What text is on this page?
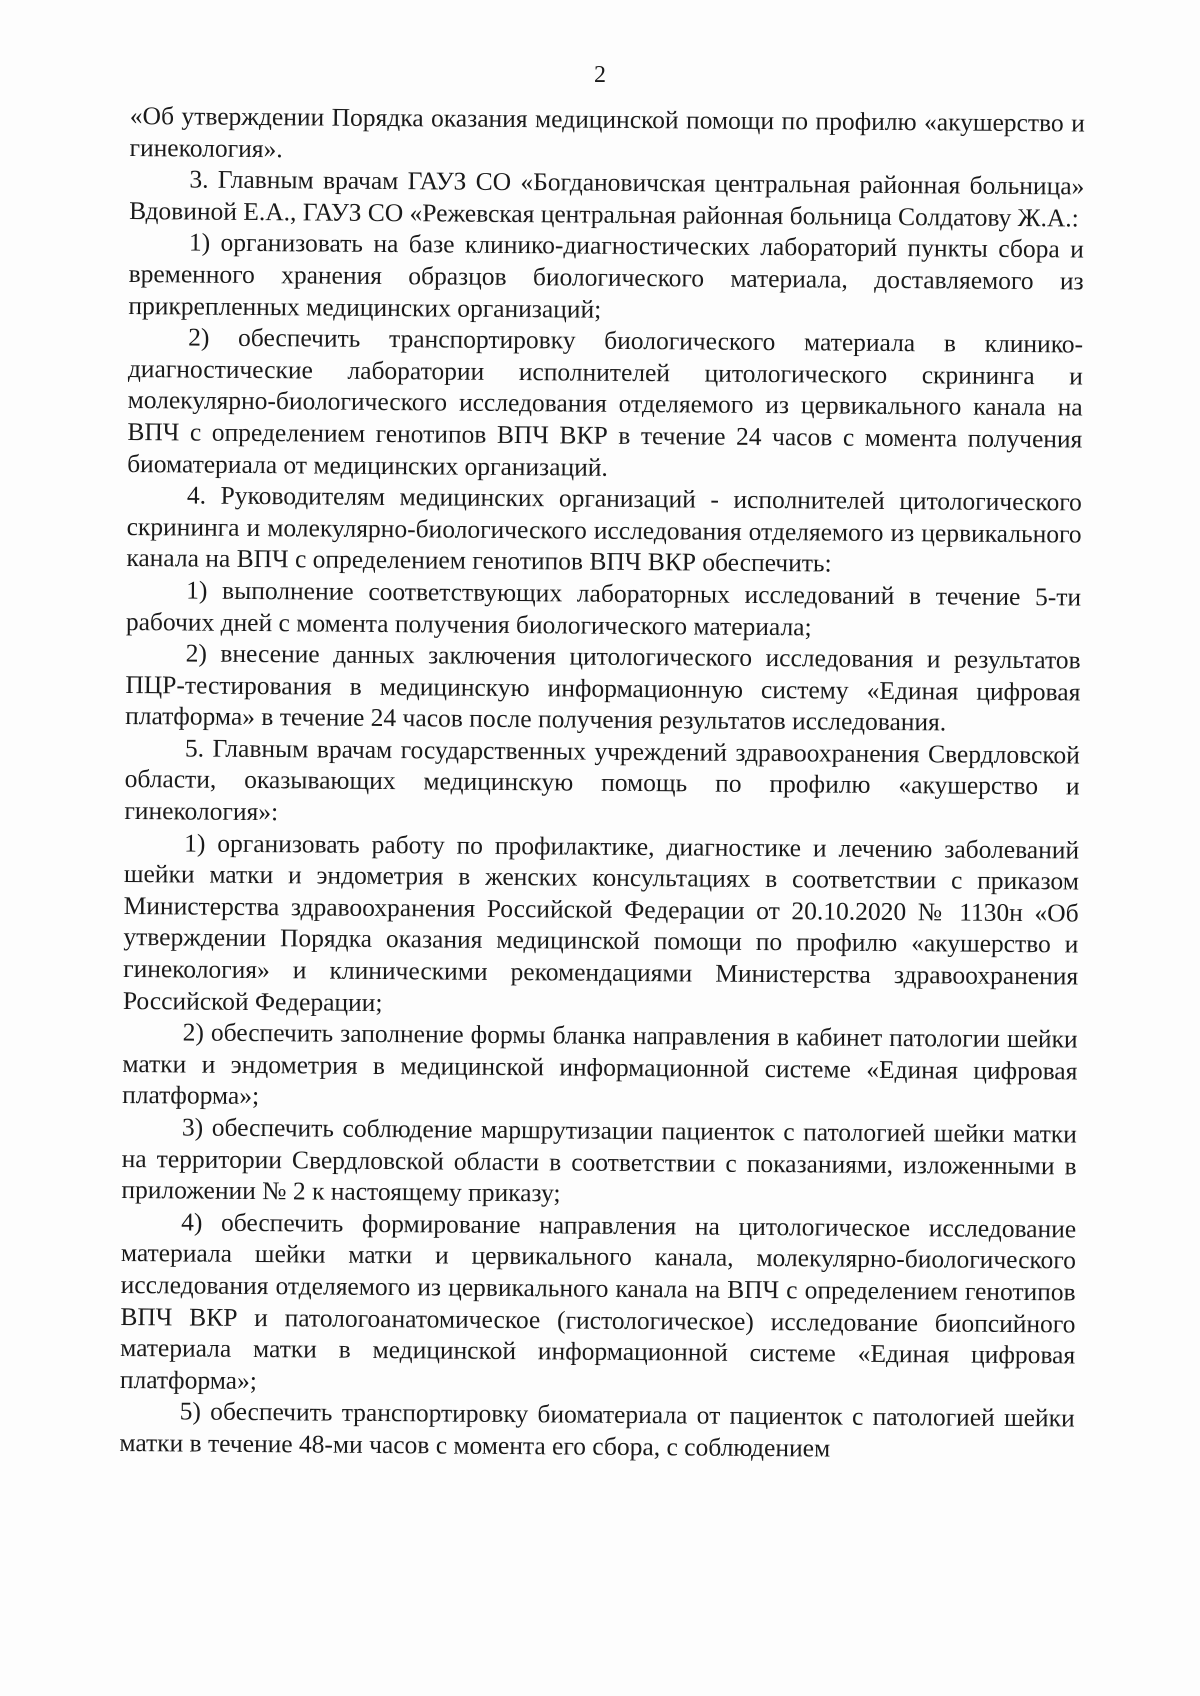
2

«Об утверждении Порядка оказания медицинской помощи по профилю «акушерство и гинекология».

3. Главным врачам ГАУЗ СО «Богдановичская центральная районная больница» Вдовиной Е.А., ГАУЗ СО «Режевская центральная районная больница Солдатову Ж.А.:

1) организовать на базе клинико-диагностических лабораторий пункты сбора и временного хранения образцов биологического материала, доставляемого из прикрепленных медицинских организаций;

2) обеспечить транспортировку биологического материала в клинико-диагностические лаборатории исполнителей цитологического скрининга и молекулярно-биологического исследования отделяемого из цервикального канала на ВПЧ с определением генотипов ВПЧ ВКР в течение 24 часов с момента получения биоматериала от медицинских организаций.

4. Руководителям медицинских организаций - исполнителей цитологического скрининга и молекулярно-биологического исследования отделяемого из цервикального канала на ВПЧ с определением генотипов ВПЧ ВКР обеспечить:

1) выполнение соответствующих лабораторных исследований в течение 5-ти рабочих дней с момента получения биологического материала;

2) внесение данных заключения цитологического исследования и результатов ПЦР-тестирования в медицинскую информационную систему «Единая цифровая платформа» в течение 24 часов после получения результатов исследования.

5. Главным врачам государственных учреждений здравоохранения Свердловской области, оказывающих медицинскую помощь по профилю «акушерство и гинекология»:

1) организовать работу по профилактике, диагностике и лечению заболеваний шейки матки и эндометрия в женских консультациях в соответствии с приказом Министерства здравоохранения Российской Федерации от 20.10.2020 № 1130н «Об утверждении Порядка оказания медицинской помощи по профилю «акушерство и гинекология» и клиническими рекомендациями Министерства здравоохранения Российской Федерации;

2) обеспечить заполнение формы бланка направления в кабинет патологии шейки матки и эндометрия в медицинской информационной системе «Единая цифровая платформа»;

3) обеспечить соблюдение маршрутизации пациенток с патологией шейки матки на территории Свердловской области в соответствии с показаниями, изложенными в приложении № 2 к настоящему приказу;

4) обеспечить формирование направления на цитологическое исследование материала шейки матки и цервикального канала, молекулярно-биологического исследования отделяемого из цервикального канала на ВПЧ с определением генотипов ВПЧ ВКР и патологоанатомическое (гистологическое) исследование биопсийного материала матки в медицинской информационной системе «Единая цифровая платформа»;

5) обеспечить транспортировку биоматериала от пациенток с патологией шейки матки в течение 48-ми часов с момента его сбора, с соблюдением
